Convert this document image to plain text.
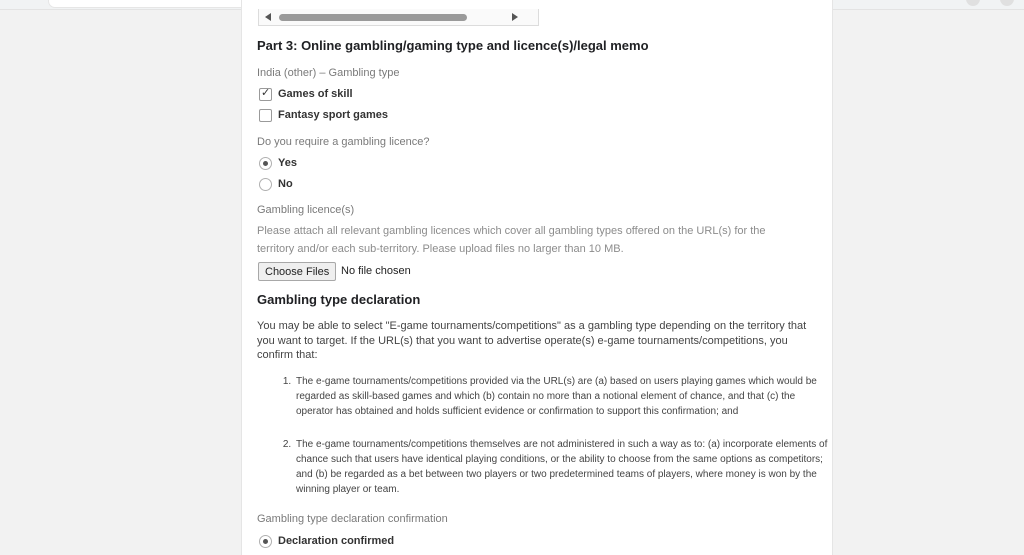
Part 3: Online gambling/gaming type and licence(s)/legal memo
India (other) – Gambling type
✓ Games of skill
Fantasy sport games
Do you require a gambling licence?
Yes
No
Gambling licence(s)
Please attach all relevant gambling licences which cover all gambling types offered on the URL(s) for the territory and/or each sub-territory. Please upload files no larger than 10 MB.
Choose Files	No file chosen
Gambling type declaration
You may be able to select "E-game tournaments/competitions" as a gambling type depending on the territory that you want to target. If the URL(s) that you want to advertise operate(s) e-game tournaments/competitions, you confirm that:
1. The e-game tournaments/competitions provided via the URL(s) are (a) based on users playing games which would be regarded as skill-based games and which (b) contain no more than a notional element of chance, and that (c) the operator has obtained and holds sufficient evidence or confirmation to support this confirmation; and
2. The e-game tournaments/competitions themselves are not administered in such a way as to: (a) incorporate elements of chance such that users have identical playing conditions, or the ability to choose from the same options as competitors; and (b) be regarded as a bet between two players or two predetermined teams of players, where money is won by the winning player or team.
Gambling type declaration confirmation
Declaration confirmed
